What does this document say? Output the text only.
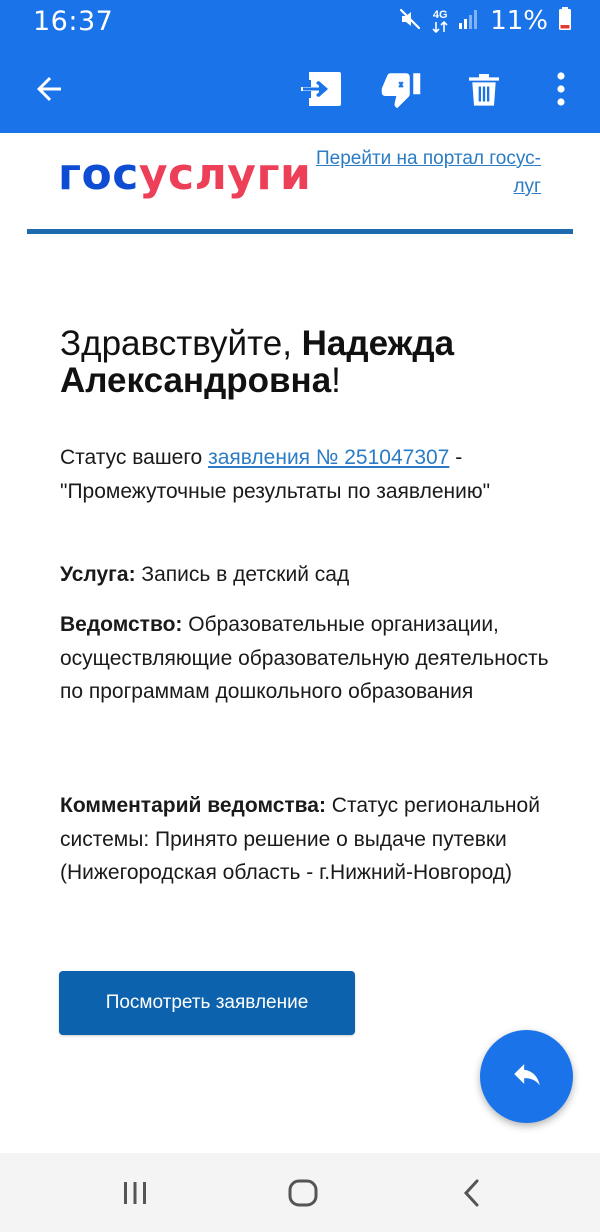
16:37	4G 11%
госуслуги Перейти на портал госуслуг
Здравствуйте, Надежда Александровна!
Статус вашего заявления № 251047307 - "Промежуточные результаты по заявлению"
Услуга: Запись в детский сад
Ведомство: Образовательные организации, осуществляющие образовательную деятельность по программам дошкольного образования
Комментарий ведомства: Статус региональной системы: Принято решение о выдаче путевки (Нижегородская область - г.Нижний-Новгород)
Посмотреть заявление
